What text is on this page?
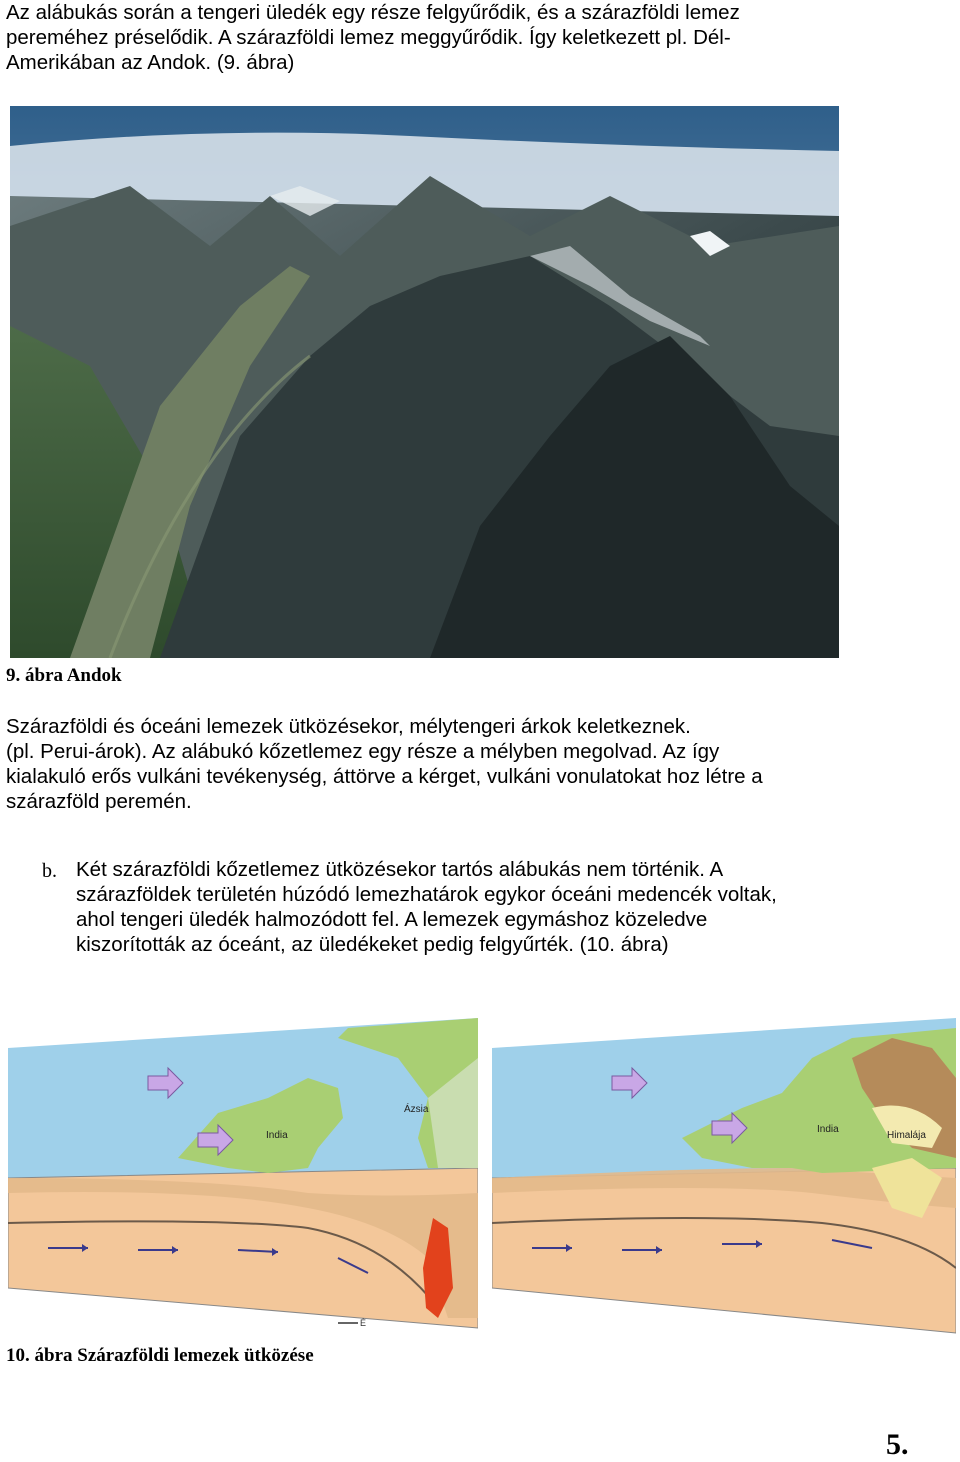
Az alábukás során a tengeri üledék egy része felgyűrődik, és a szárazföldi lemez
pereméhez préselődik. A szárazföldi lemez meggyűrődik. Így keletkezett pl. Dél-
Amerikában az Andok. (9. ábra)

9. ábra Andok

Szárazföldi és óceáni lemezek ütközésekor, mélytengeri árkok keletkeznek.
(pl. Perui-árok). Az alábukó kőzetlemez egy része a mélyben megolvad. Az így
kialakuló erős vulkáni tevékenység, áttörve a kérget, vulkáni vonulatokat hoz létre a
szárazföld peremén.

b. Két szárazföldi kőzetlemez ütközésekor tartós alábukás nem történik. A
szárazföldek területén húzódó lemezhatárok egykor óceáni medencék voltak,
ahol tengeri üledék halmozódott fel. A lemezek egymáshoz közeledve
kiszorították az óceánt, az üledékeket pedig felgyűrték. (10. ábra)

India
Ázsia
É
India
Himalája
10. ábra Szárazföldi lemezek ütközése
5.
